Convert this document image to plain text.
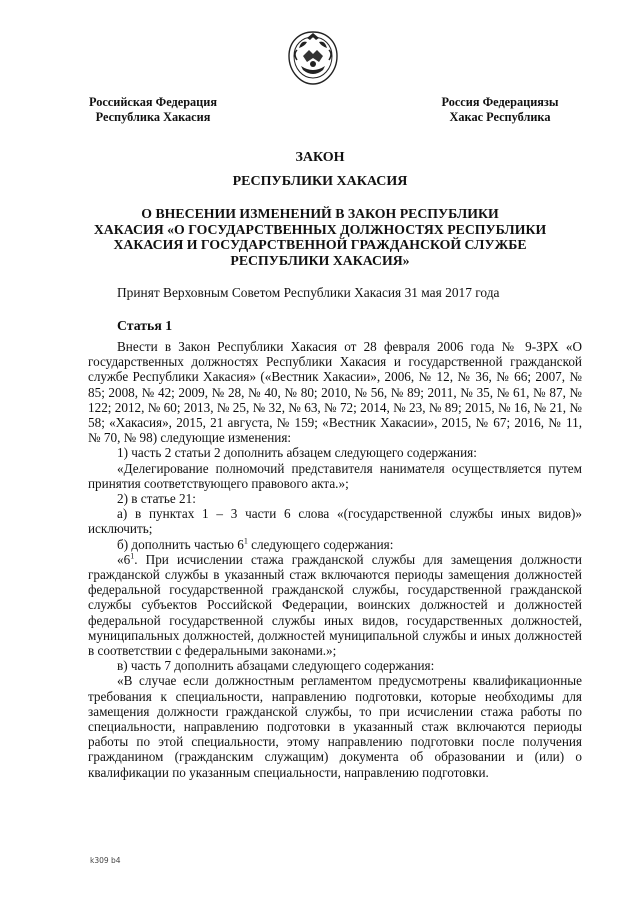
Российская Федерация
Республика Хакасия
Россия Федерациязы
Хакас Республика
ЗАКОН
РЕСПУБЛИКИ ХАКАСИЯ
О ВНЕСЕНИИ ИЗМЕНЕНИЙ В ЗАКОН РЕСПУБЛИКИ
ХАКАСИЯ «О ГОСУДАРСТВЕННЫХ ДОЛЖНОСТЯХ РЕСПУБЛИКИ
ХАКАСИЯ И ГОСУДАРСТВЕННОЙ ГРАЖДАНСКОЙ СЛУЖБЕ
РЕСПУБЛИКИ ХАКАСИЯ»
Принят Верховным Советом Республики Хакасия 31 мая 2017 года
Статья 1

Внести в Закон Республики Хакасия от 28 февраля 2006 года № 9-ЗРХ «О государственных должностях Республики Хакасия и государственной гражданской службе Республики Хакасия» («Вестник Хакасии», 2006, № 12, № 36, № 66; 2007, № 85; 2008, № 42; 2009, № 28, № 40, № 80; 2010, № 56, № 89; 2011, № 35, № 61, № 87, № 122; 2012, № 60; 2013, № 25, № 32, № 63, № 72; 2014, № 23, № 89; 2015, № 16, № 21, № 58; «Хакасия», 2015, 21 августа, № 159; «Вестник Хакасии», 2015, № 67; 2016, № 11, № 70, № 98) следующие изменения:

1) часть 2 статьи 2 дополнить абзацем следующего содержания:

«Делегирование полномочий представителя нанимателя осуществляется путем принятия соответствующего правового акта.»;

2) в статье 21:

а) в пунктах 1 – 3 части 6 слова «(государственной службы иных видов)» исключить;

б) дополнить частью $6^1$ следующего содержания:

«$6^1$. При исчислении стажа гражданской службы для замещения должности гражданской службы в указанный стаж включаются периоды замещения должностей федеральной государственной гражданской службы, государственной гражданской службы субъектов Российской Федерации, воинских должностей и должностей федеральной государственной службы иных видов, государственных должностей, муниципальных должностей, должностей муниципальной службы и иных должностей в соответствии с федеральными законами.»;

в) часть 7 дополнить абзацами следующего содержания:

«В случае если должностным регламентом предусмотрены квалификационные требования к специальности, направлению подготовки, которые необходимы для замещения должности гражданской службы, то при исчислении стажа работы по специальности, направлению подготовки в указанный стаж включаются периоды работы по этой специальности, этому направлению подготовки после получения гражданином (гражданским служащим) документа об образовании и (или) о квалификации по указанным специальности, направлению подготовки.

k309 b4
